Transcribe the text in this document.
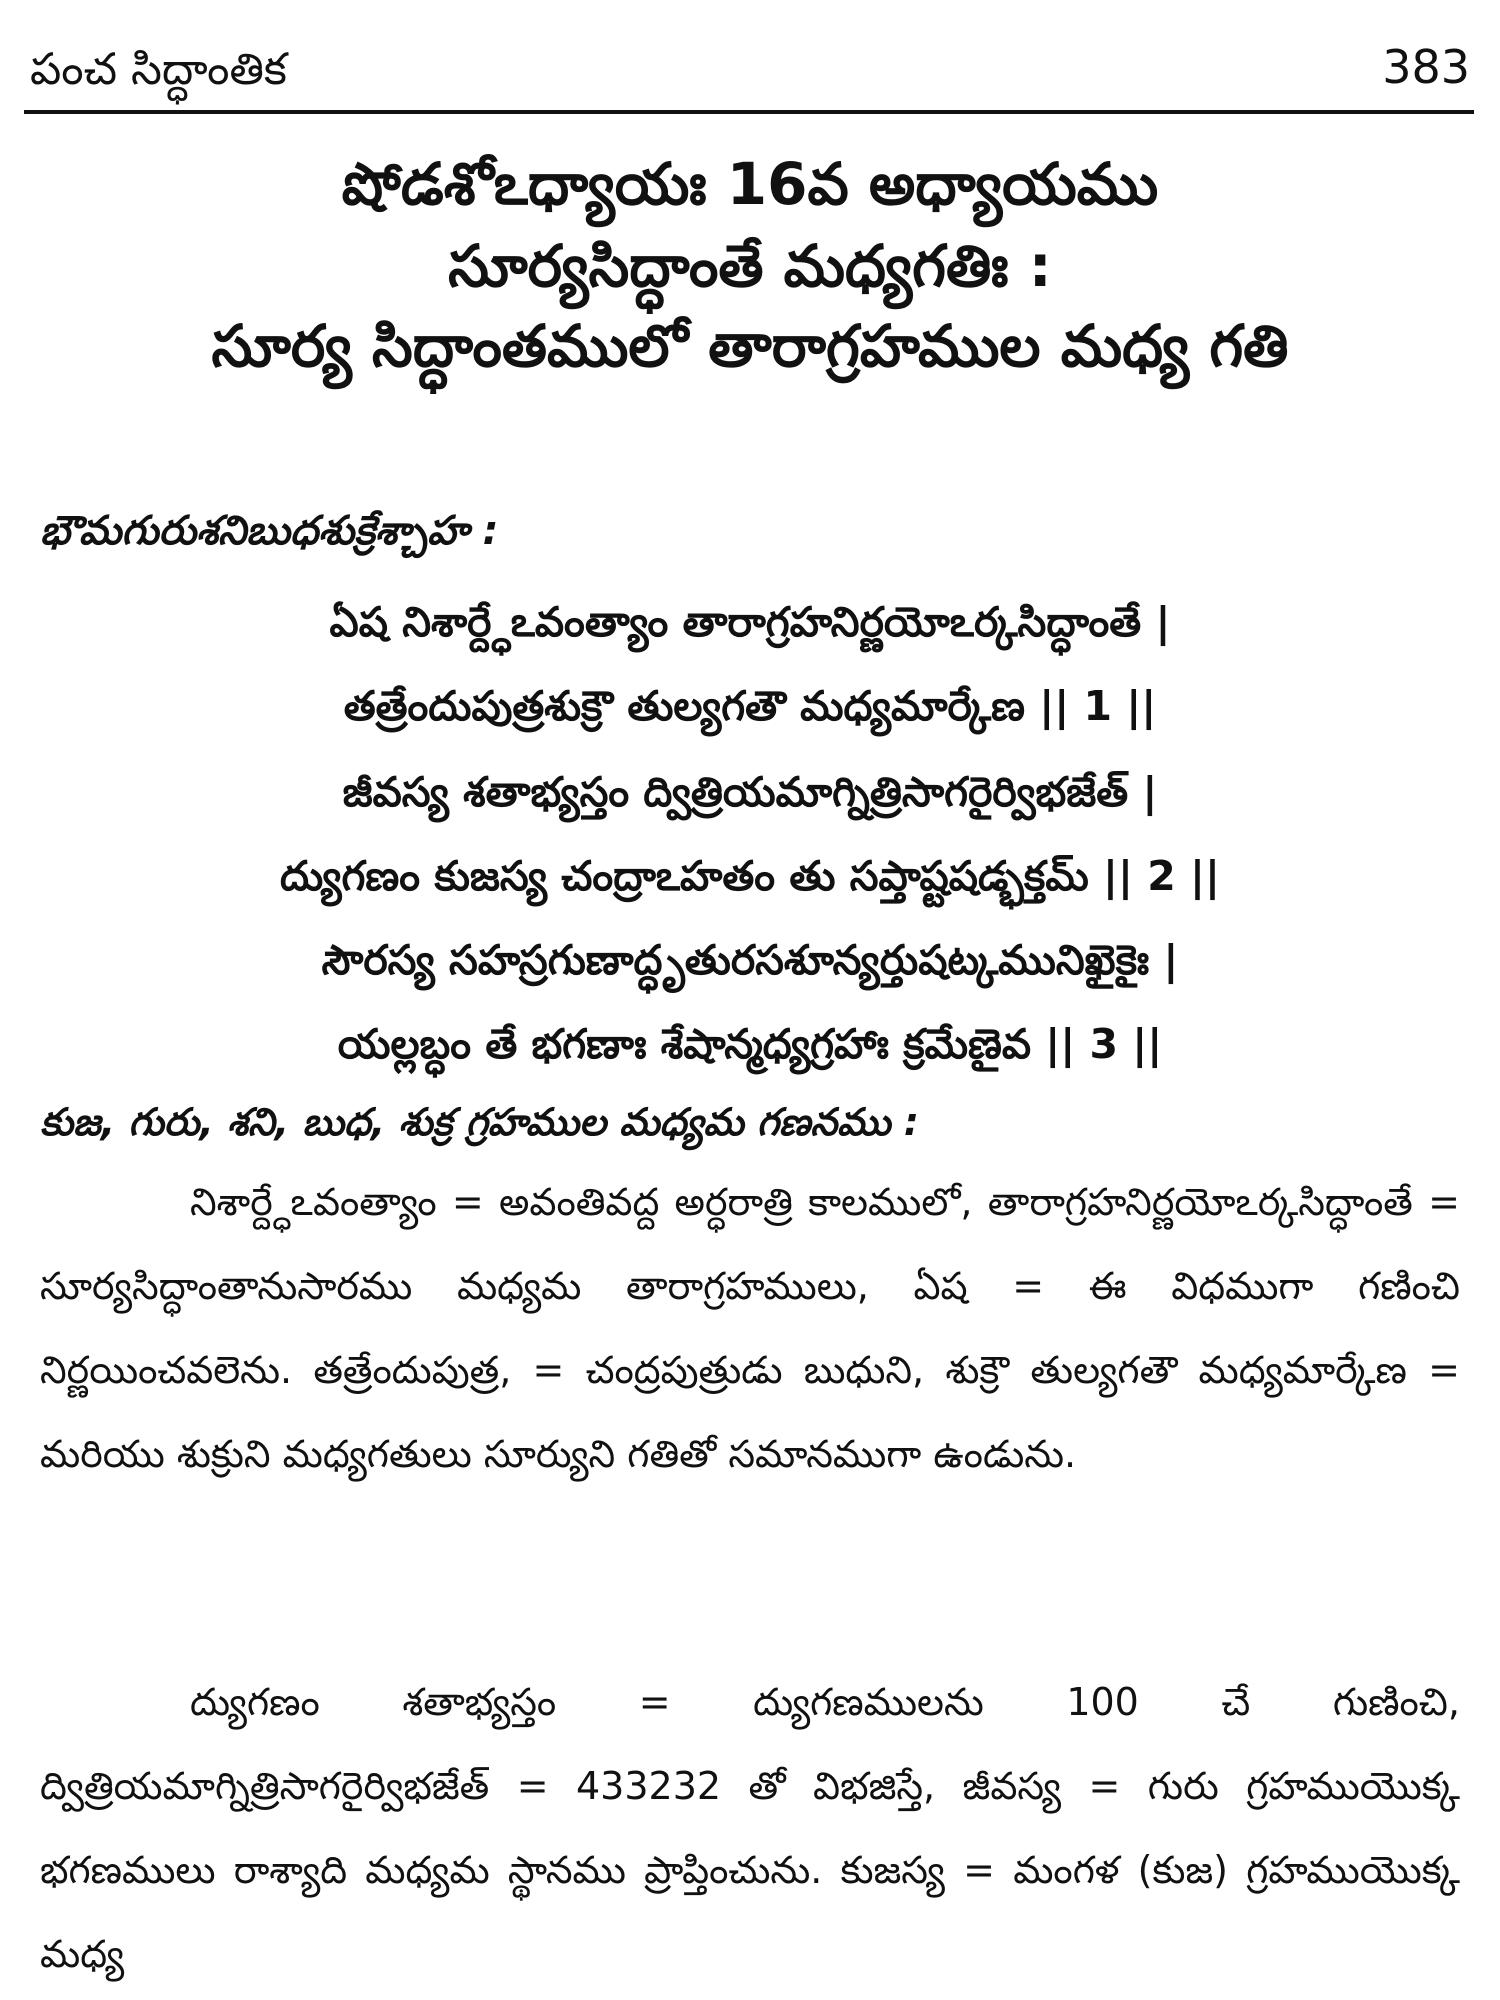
పంచ సిద్ధాంతిక	383
షోడశోఽధ్యాయః 16వ అధ్యాయము
సూర్యసిద్ధాంతే మధ్యగతిః :
సూర్య సిద్ధాంతములో తారాగ్రహముల మధ్య గతి
భౌమగురుశనిబుధశుక్రేశ్చాహ :
ఏష నిశార్ద్ధేఽవంత్యాం తారాగ్రహనిర్ణయోఽర్కసిద్ధాంతే |
తత్రేందుపుత్రశుక్రౌ తుల్యగతౌ మధ్యమార్కేణ || 1 ||
జీవస్య శతాభ్యస్తం ద్విత్రియమాగ్నిత్రిసాగరైర్విభజేత్ |
ద్యుగణం కుజస్య చంద్రాఽహతం తు సప్తాష్టషడ్భక్తమ్ || 2 ||
సౌరస్య సహస్రగుణాద్ధృతురసశూన్యర్తుషట్కమునిఖైకైః |
యల్లబ్ధం తే భగణాః శేషాన్మధ్యగ్రహాః క్రమేణైవ || 3 ||
కుజ, గురు, శని, బుధ, శుక్ర గ్రహముల మధ్యమ గణనము :

నిశార్ద్ధేఽవంత్యాం = అవంతివద్ద అర్ధరాత్రి కాలములో, తారాగ్రహనిర్ణయోఽర్కసిద్ధాంతే = సూర్యసిద్ధాంతానుసారము మధ్యమ తారాగ్రహములు, ఏష = ఈ విధముగా గణించి నిర్ణయించవలెను. తత్రేందుపుత్ర, = చంద్రపుత్రుడు బుధుని, శుక్రౌ తుల్యగతౌ మధ్యమార్కేణ = మరియు శుక్రుని మధ్యగతులు సూర్యుని గతితో సమానముగా ఉండును.

ద్యుగణం శతాభ్యస్తం = ద్యుగణములను 100 చే గుణించి, ద్విత్రియమాగ్నిత్రిసాగరైర్విభజేత్ = 433232 తో విభజిస్తే, జీవస్య = గురు గ్రహముయొక్క భగణములు రాశ్యాది మధ్యమ స్థానము ప్రాప్తించును. కుజస్య = మంగళ (కుజ) గ్రహముయొక్క మధ్య
